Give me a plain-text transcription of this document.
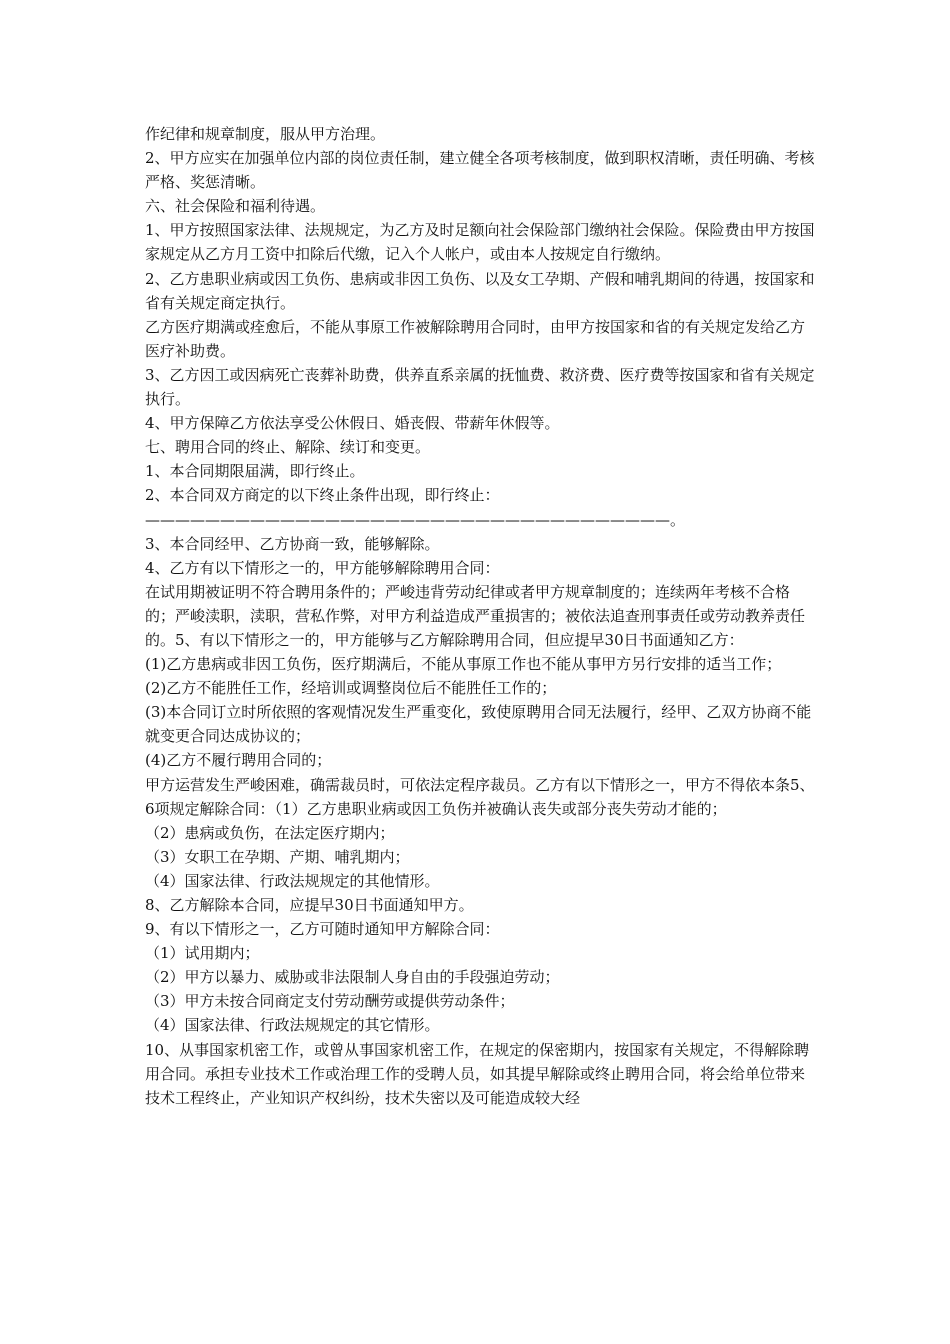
作纪律和规章制度，服从甲方治理。

2、甲方应实在加强单位内部的岗位责任制，建立健全各项考核制度，做到职权清晰，责任明确、考核严格、奖惩清晰。

六、社会保险和福利待遇。

1、甲方按照国家法律、法规规定，为乙方及时足额向社会保险部门缴纳社会保险。保险费由甲方按国家规定从乙方月工资中扣除后代缴，记入个人帐户，或由本人按规定自行缴纳。

2、乙方患职业病或因工负伤、患病或非因工负伤、以及女工孕期、产假和哺乳期间的待遇，按国家和省有关规定商定执行。

乙方医疗期满或痊愈后，不能从事原工作被解除聘用合同时，由甲方按国家和省的有关规定发给乙方医疗补助费。

3、乙方因工或因病死亡丧葬补助费，供养直系亲属的抚恤费、救济费、医疗费等按国家和省有关规定执行。

4、甲方保障乙方依法享受公休假日、婚丧假、带薪年休假等。

七、聘用合同的终止、解除、续订和变更。

1、本合同期限届满，即行终止。

2、本合同双方商定的以下终止条件出现，即行终止：———————————————————————————————————。

3、本合同经甲、乙方协商一致，能够解除。

4、乙方有以下情形之一的，甲方能够解除聘用合同：

在试用期被证明不符合聘用条件的；严峻违背劳动纪律或者甲方规章制度的；连续两年考核不合格的；严峻渎职，渎职，营私作弊，对甲方利益造成严重损害的；被依法追查刑事责任或劳动教养责任的。5、有以下情形之一的，甲方能够与乙方解除聘用合同，但应提早30日书面通知乙方：

(1)乙方患病或非因工负伤，医疗期满后，不能从事原工作也不能从事甲方另行安排的适当工作；

(2)乙方不能胜任工作，经培训或调整岗位后不能胜任工作的；

(3)本合同订立时所依照的客观情况发生严重变化，致使原聘用合同无法履行，经甲、乙双方协商不能就变更合同达成协议的；

(4)乙方不履行聘用合同的；

甲方运营发生严峻困难，确需裁员时，可依法定程序裁员。乙方有以下情形之一，甲方不得依本条5、6项规定解除合同：（1）乙方患职业病或因工负伤并被确认丧失或部分丧失劳动才能的；

（2）患病或负伤，在法定医疗期内；

（3）女职工在孕期、产期、哺乳期内；

（4）国家法律、行政法规规定的其他情形。

8、乙方解除本合同，应提早30日书面通知甲方。

9、有以下情形之一，乙方可随时通知甲方解除合同：

（1）试用期内；

（2）甲方以暴力、威胁或非法限制人身自由的手段强迫劳动；

（3）甲方未按合同商定支付劳动酬劳或提供劳动条件；

（4）国家法律、行政法规规定的其它情形。

10、从事国家机密工作，或曾从事国家机密工作，在规定的保密期内，按国家有关规定，不得解除聘用合同。承担专业技术工作或治理工作的受聘人员，如其提早解除或终止聘用合同，将会给单位带来技术工程终止，产业知识产权纠纷，技术失密以及可能造成较大经
